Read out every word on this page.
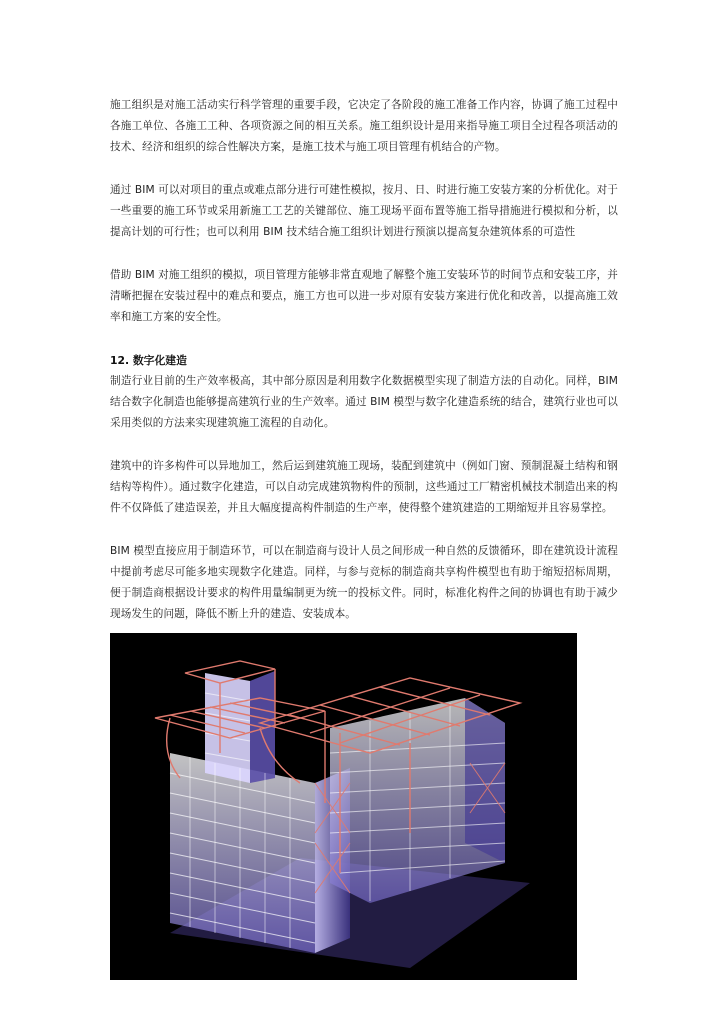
施工组织是对施工活动实行科学管理的重要手段，它决定了各阶段的施工准备工作内容，协调了施工过程中各施工单位、各施工工种、各项资源之间的相互关系。施工组织设计是用来指导施工项目全过程各项活动的技术、经济和组织的综合性解决方案，是施工技术与施工项目管理有机结合的产物。

通过 BIM 可以对项目的重点或难点部分进行可建性模拟，按月、日、时进行施工安装方案的分析优化。对于一些重要的施工环节或采用新施工工艺的关键部位、施工现场平面布置等施工指导措施进行模拟和分析，以提高计划的可行性；也可以利用 BIM 技术结合施工组织计划进行预演以提高复杂建筑体系的可造性

借助 BIM 对施工组织的模拟，项目管理方能够非常直观地了解整个施工安装环节的时间节点和安装工序，并清晰把握在安装过程中的难点和要点，施工方也可以进一步对原有安装方案进行优化和改善，以提高施工效率和施工方案的安全性。

12. 数字化建造

制造行业目前的生产效率极高，其中部分原因是利用数字化数据模型实现了制造方法的自动化。同样，BIM 结合数字化制造也能够提高建筑行业的生产效率。通过 BIM 模型与数字化建造系统的结合，建筑行业也可以采用类似的方法来实现建筑施工流程的自动化。

建筑中的许多构件可以异地加工，然后运到建筑施工现场，装配到建筑中（例如门窗、预制混凝土结构和钢结构等构件）。通过数字化建造，可以自动完成建筑物构件的预制，这些通过工厂精密机械技术制造出来的构件不仅降低了建造误差，并且大幅度提高构件制造的生产率，使得整个建筑建造的工期缩短并且容易掌控。

BIM 模型直接应用于制造环节，可以在制造商与设计人员之间形成一种自然的反馈循环，即在建筑设计流程中提前考虑尽可能多地实现数字化建造。同样，与参与竞标的制造商共享构件模型也有助于缩短招标周期，便于制造商根据设计要求的构件用量编制更为统一的投标文件。同时，标准化构件之间的协调也有助于减少现场发生的问题，降低不断上升的建造、安装成本。
